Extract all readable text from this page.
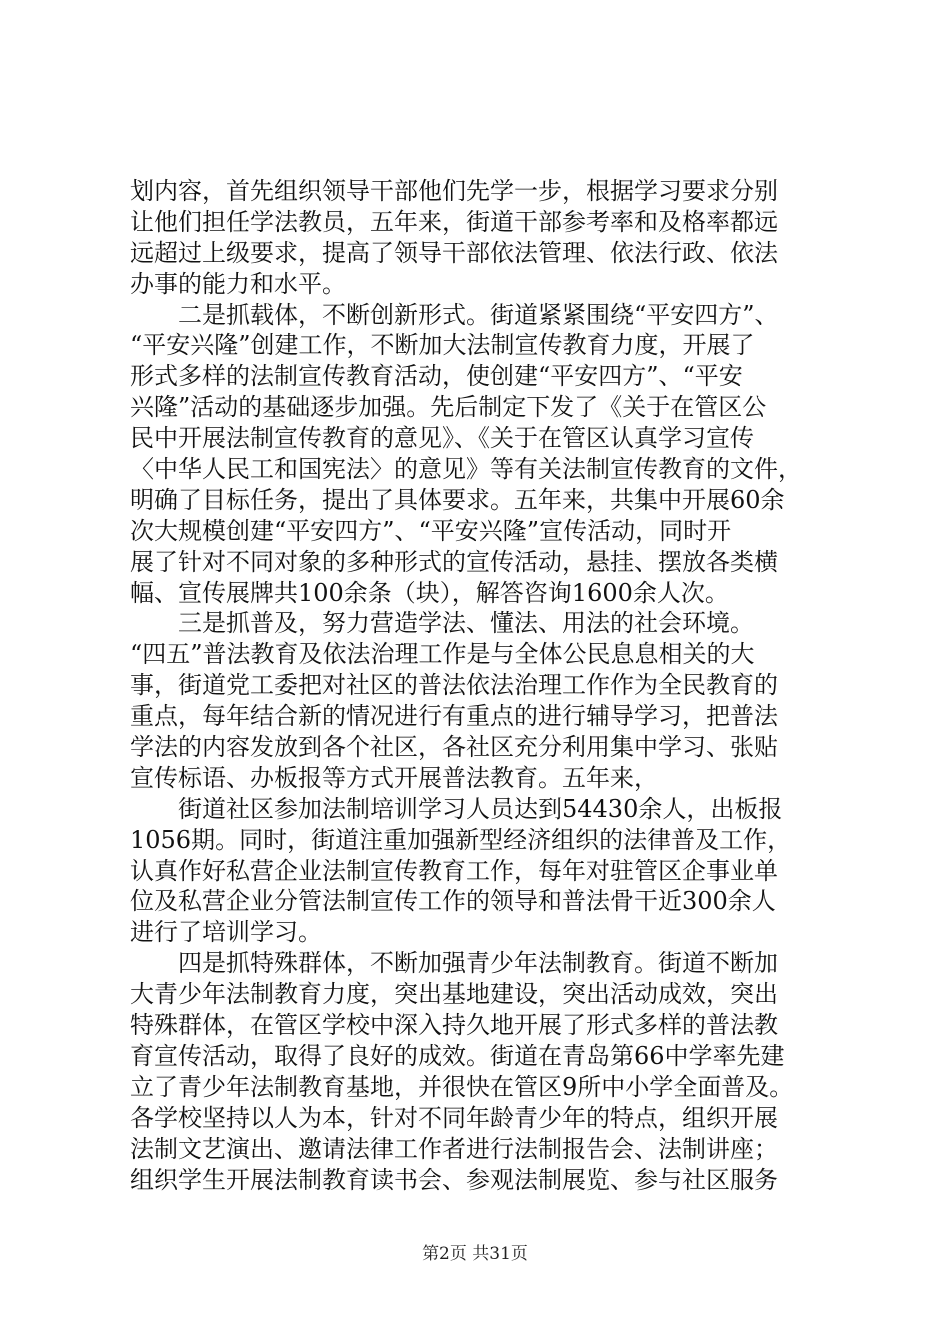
划内容，首先组织领导干部他们先学一步，根据学习要求分别
让他们担任学法教员，五年来，街道干部参考率和及格率都远
远超过上级要求，提高了领导干部依法管理、依法行政、依法
办事的能力和水平。
　　二是抓载体，不断创新形式。街道紧紧围绕“平安四方”、
“平安兴隆”创建工作，不断加大法制宣传教育力度，开展了
形式多样的法制宣传教育活动，使创建“平安四方”、“平安
兴隆”活动的基础逐步加强。先后制定下发了《关于在管区公
民中开展法制宣传教育的意见》、《关于在管区认真学习宣传
〈中华人民工和国宪法〉的意见》等有关法制宣传教育的文件，
明确了目标任务，提出了具体要求。五年来，共集中开展60余
次大规模创建“平安四方”、“平安兴隆”宣传活动，同时开
展了针对不同对象的多种形式的宣传活动，悬挂、摆放各类横
幅、宣传展牌共100余条（块），解答咨询1600余人次。
　　三是抓普及，努力营造学法、懂法、用法的社会环境。
“四五”普法教育及依法治理工作是与全体公民息息相关的大
事，街道党工委把对社区的普法依法治理工作作为全民教育的
重点，每年结合新的情况进行有重点的进行辅导学习，把普法
学法的内容发放到各个社区，各社区充分利用集中学习、张贴
宣传标语、办板报等方式开展普法教育。五年来，
　　街道社区参加法制培训学习人员达到54430余人，出板报
1056期。同时，街道注重加强新型经济组织的法律普及工作，
认真作好私营企业法制宣传教育工作，每年对驻管区企事业单
位及私营企业分管法制宣传工作的领导和普法骨干近300余人
进行了培训学习。
　　四是抓特殊群体，不断加强青少年法制教育。街道不断加
大青少年法制教育力度，突出基地建设，突出活动成效，突出
特殊群体，在管区学校中深入持久地开展了形式多样的普法教
育宣传活动，取得了良好的成效。街道在青岛第66中学率先建
立了青少年法制教育基地，并很快在管区9所中小学全面普及。
各学校坚持以人为本，针对不同年龄青少年的特点，组织开展
法制文艺演出、邀请法律工作者进行法制报告会、法制讲座；
组织学生开展法制教育读书会、参观法制展览、参与社区服务
第2页 共31页
